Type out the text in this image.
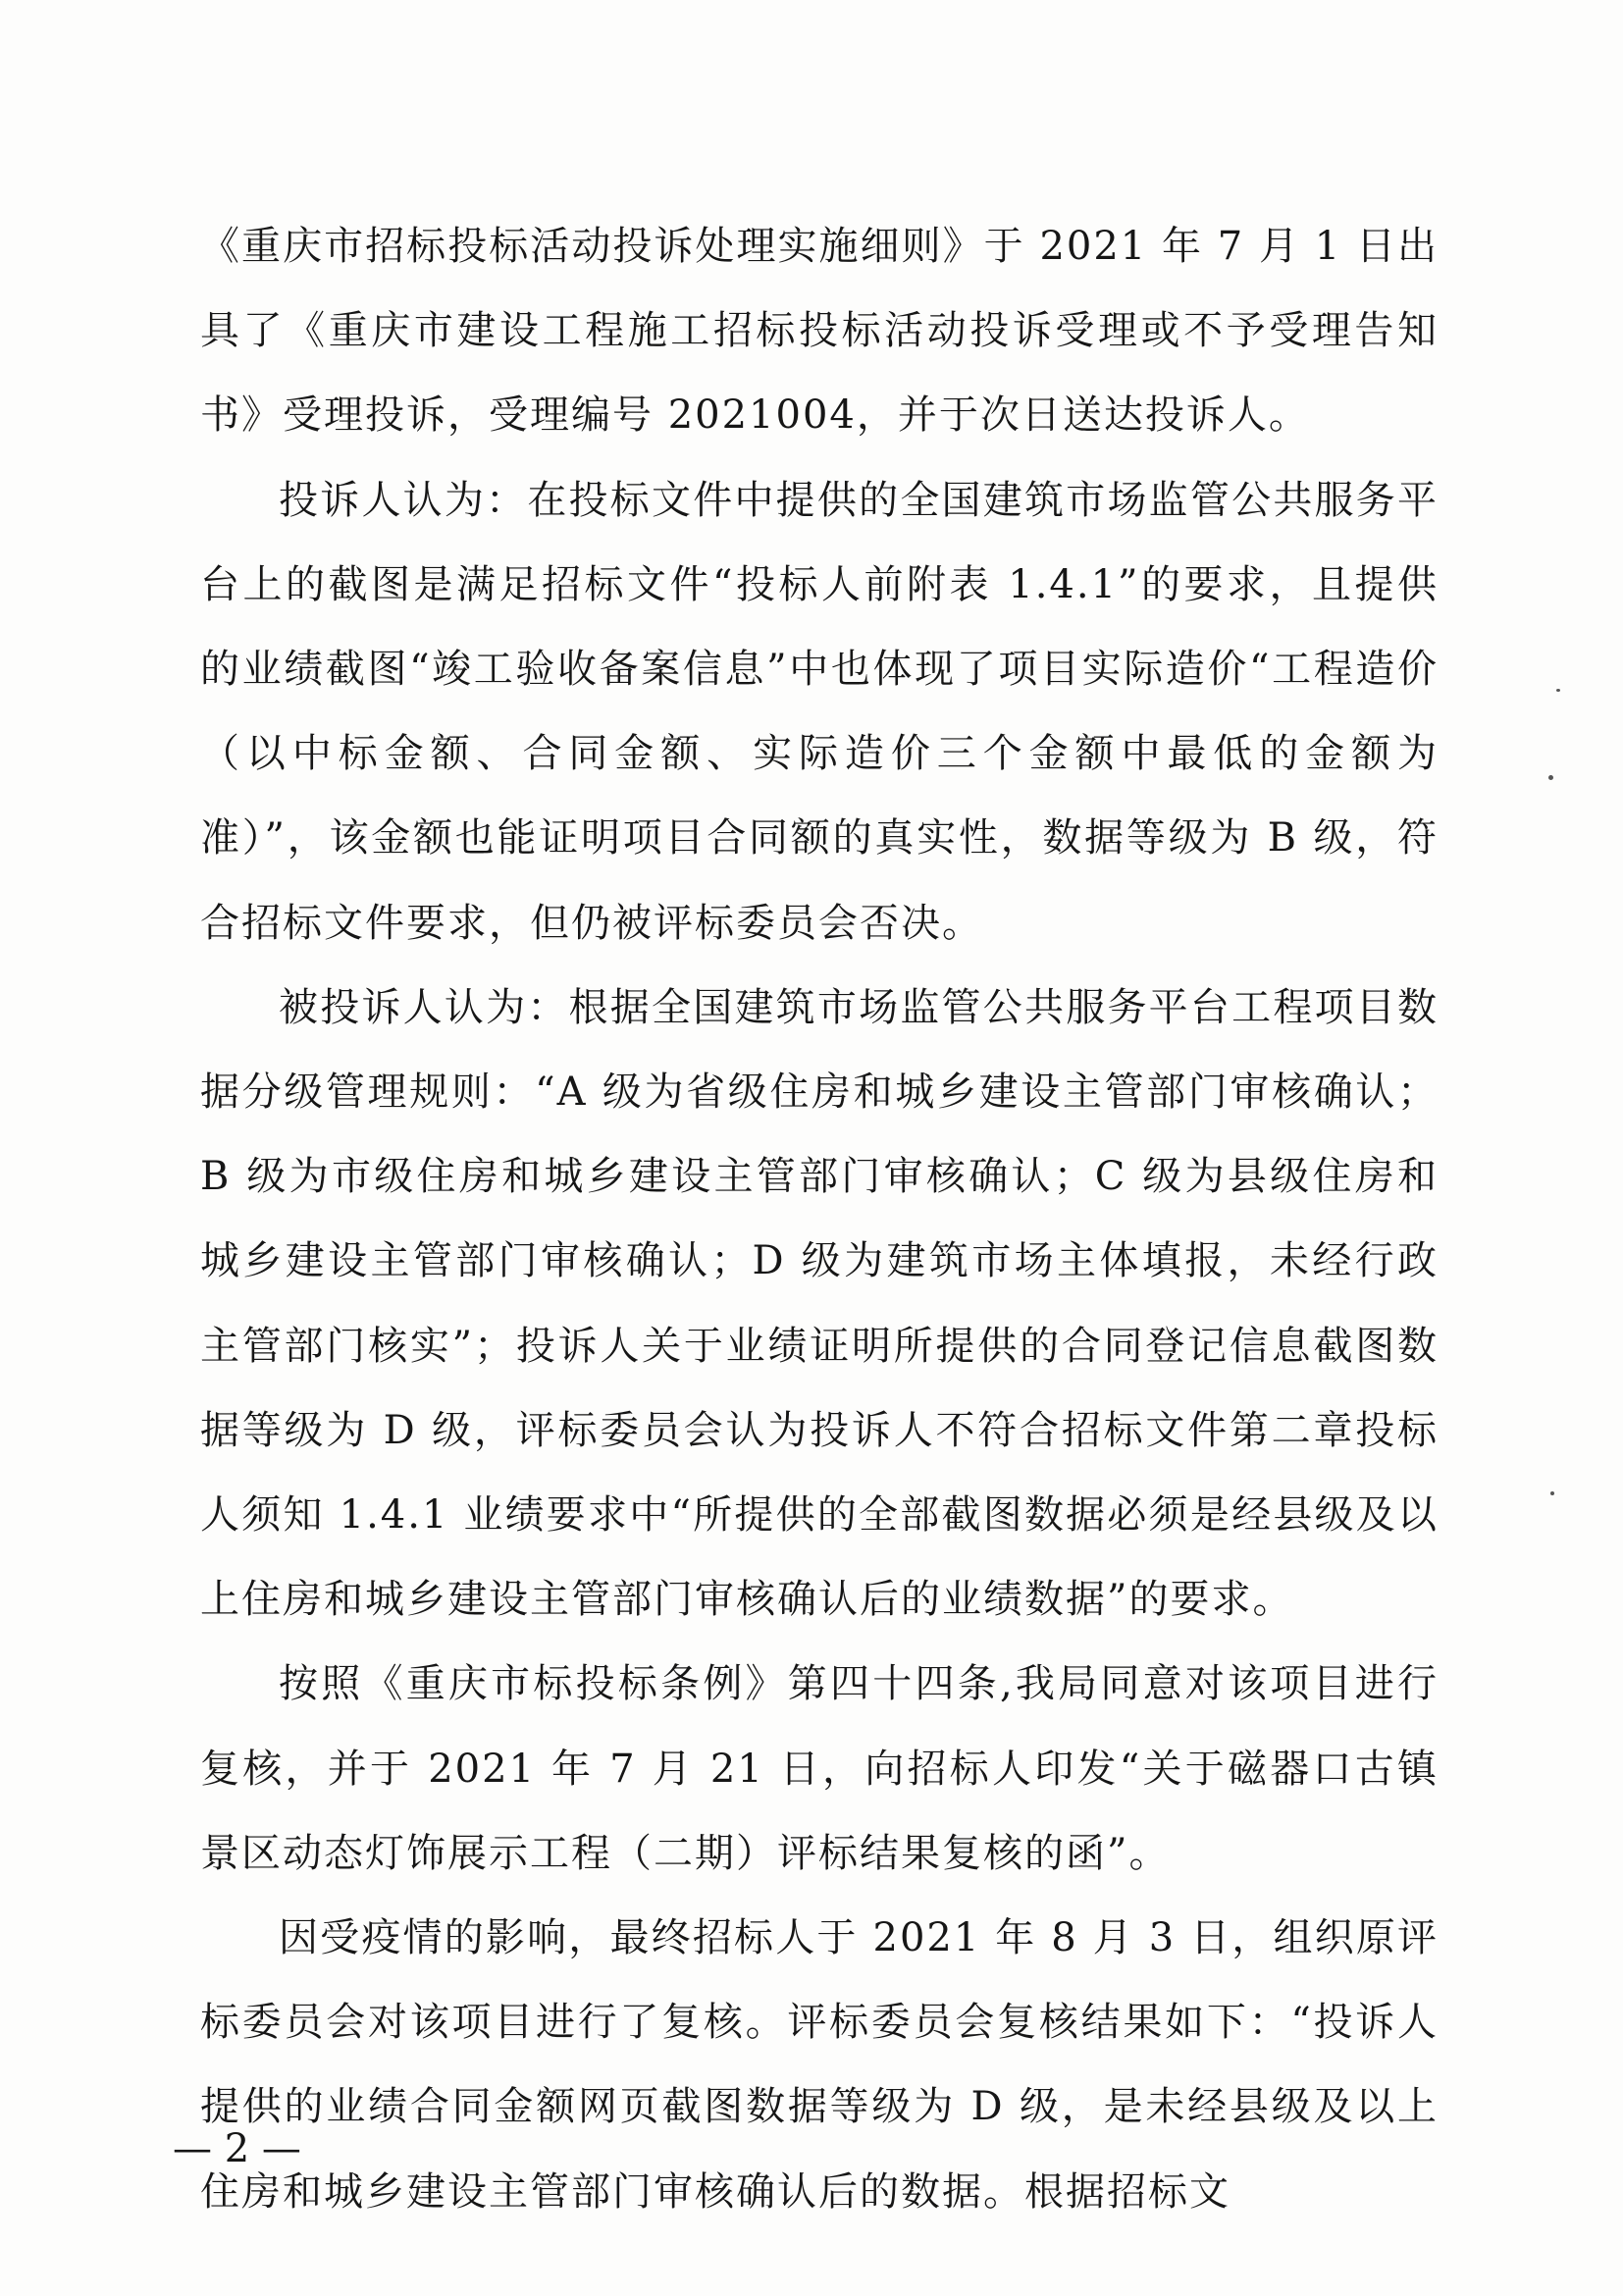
《重庆市招标投标活动投诉处理实施细则》于 2021 年 7 月 1 日出具了《重庆市建设工程施工招标投标活动投诉受理或不予受理告知书》受理投诉，受理编号 2021004，并于次日送达投诉人。

投诉人认为：在投标文件中提供的全国建筑市场监管公共服务平台上的截图是满足招标文件“投标人前附表 1.4.1”的要求，且提供的业绩截图“竣工验收备案信息”中也体现了项目实际造价“工程造价（以中标金额、合同金额、实际造价三个金额中最低的金额为准）”，该金额也能证明项目合同额的真实性，数据等级为 B 级，符合招标文件要求，但仍被评标委员会否决。

被投诉人认为：根据全国建筑市场监管公共服务平台工程项目数据分级管理规则：“A 级为省级住房和城乡建设主管部门审核确认；B 级为市级住房和城乡建设主管部门审核确认；C 级为县级住房和城乡建设主管部门审核确认；D 级为建筑市场主体填报，未经行政主管部门核实”；投诉人关于业绩证明所提供的合同登记信息截图数据等级为 D 级，评标委员会认为投诉人不符合招标文件第二章投标人须知 1.4.1 业绩要求中“所提供的全部截图数据必须是经县级及以上住房和城乡建设主管部门审核确认后的业绩数据”的要求。

按照《重庆市标投标条例》第四十四条,我局同意对该项目进行复核，并于 2021 年 7 月 21 日，向招标人印发“关于磁器口古镇景区动态灯饰展示工程（二期）评标结果复核的函”。

因受疫情的影响，最终招标人于 2021 年 8 月 3 日，组织原评标委员会对该项目进行了复核。评标委员会复核结果如下：“投诉人提供的业绩合同金额网页截图数据等级为 D 级，是未经县级及以上住房和城乡建设主管部门审核确认后的数据。根据招标文

— 2 —
